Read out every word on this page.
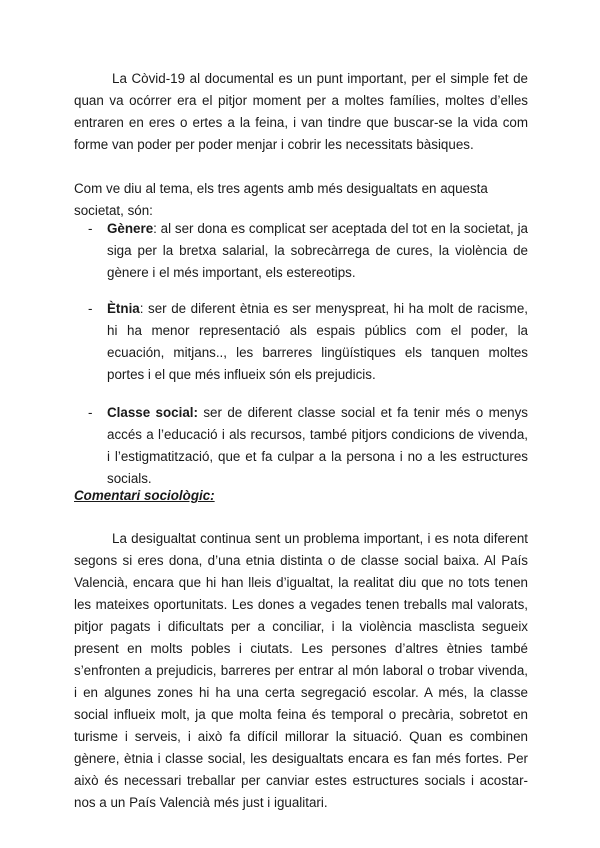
La Còvid-19 al documental es un punt important, per el simple fet de quan va ocórrer era el pitjor moment per a moltes famílies, moltes d’elles entraren en eres o ertes a la feina, i van tindre que buscar-se la vida com forme van poder per poder menjar i cobrir les necessitats bàsiques.

Com ve diu al tema, els tres agents amb més desigualtats en aquesta societat, són:

- Gènere: al ser dona es complicat ser aceptada del tot en la societat, ja siga per la bretxa salarial, la sobrecàrrega de cures, la violència de gènere i el més important, els estereotips.

- Ètnia: ser de diferent ètnia es ser menyspreat, hi ha molt de racisme, hi ha menor representació als espais públics com el poder, la ecuación, mitjans.., les barreres lingüístiques els tanquen moltes portes i el que més influeix són els prejudicis.

- Classe social: ser de diferent classe social et fa tenir més o menys accés a l’educació i als recursos, també pitjors condicions de vivenda, i l’estigmatització, que et fa culpar a la persona i no a les estructures socials.

Comentari sociològic:

La desigualtat continua sent un problema important, i es nota diferent segons si eres dona, d’una etnia distinta o de classe social baixa. Al País Valencià, encara que hi han lleis d’igualtat, la realitat diu que no tots tenen les mateixes oportunitats. Les dones a vegades tenen treballs mal valorats, pitjor pagats i dificultats per a conciliar, i la violència masclista segueix present en molts pobles i ciutats. Les persones d’altres ètnies també s’enfronten a prejudicis, barreres per entrar al món laboral o trobar vivenda, i en algunes zones hi ha una certa segregació escolar. A més, la classe social influeix molt, ja que molta feina és temporal o precària, sobretot en turisme i serveis, i això fa difícil millorar la situació. Quan es combinen gènere, ètnia i classe social, les desigualtats encara es fan més fortes. Per això és necessari treballar per canviar estes estructures socials i acostar-nos a un País Valencià més just i igualitari.
